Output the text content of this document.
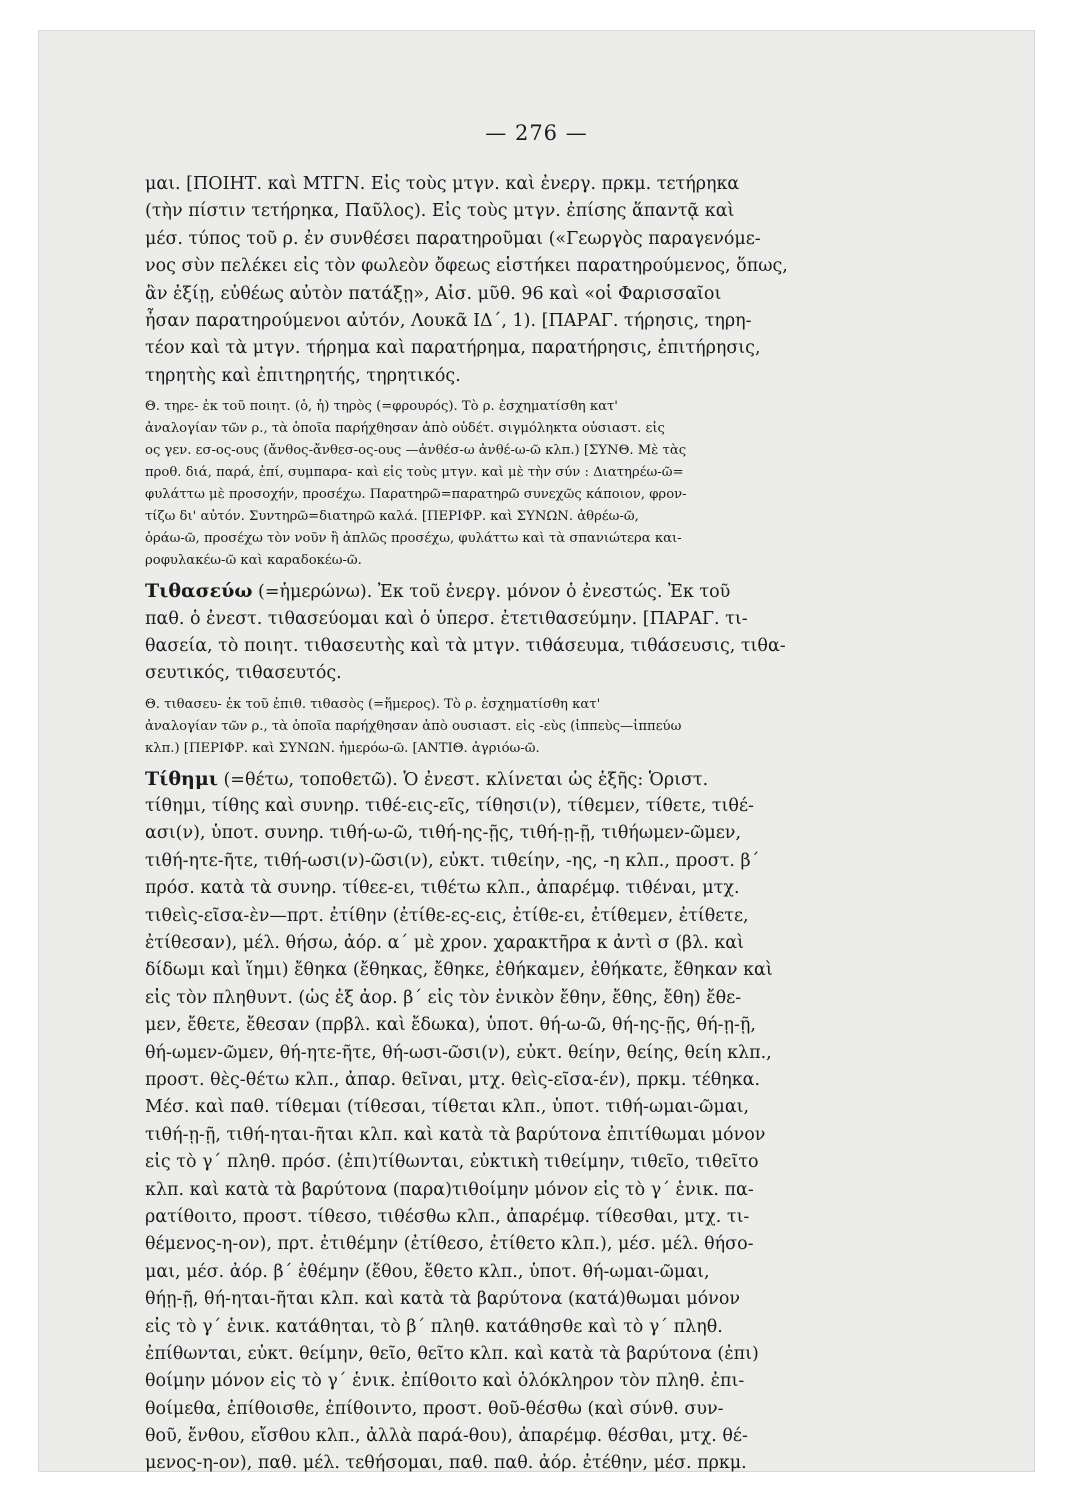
— 276 —
μαι. [ΠΟΙΗΤ. καὶ ΜΤΓΝ. Εἰς τοὺς μτγν. καὶ ἐνεργ. πρκμ. τετήρηκα
(τὴν πίστιν τετήρηκα, Παῦλος). Εἰς τοὺς μτγν. ἐπίσης ἅπαντᾷ καὶ
μέσ. τύπος τοῦ ρ. ἐν συνθέσει παρατηροῦμαι («Γεωργὸς παραγενόμε-
νος σὺν πελέκει εἰς τὸν φωλεὸν ὄφεως εἱστήκει παρατηρούμενος, ὅπως,
ἂν ἐξίῃ, εὐθέως αὐτὸν πατάξῃ», Αἰσ. μῦθ. 96 καὶ «οἱ Φαρισσαῖοι
ἦσαν παρατηρούμενοι αὐτόν, Λουκᾶ ΙΔ΄, 1). [ΠΑΡΑΓ. τήρησις, τηρη-
τέον καὶ τὰ μτγν. τήρημα καὶ παρατήρημα, παρατήρησις, ἐπιτήρησις,
τηρητὴς καὶ ἐπιτηρητής, τηρητικός.
Θ. τηρε- ἐκ τοῦ ποιητ. (ὁ, ἡ) τηρὸς (=φρουρός). Τὸ ρ. ἐσχηματίσθη κατ'
ἀναλογίαν τῶν ρ., τὰ ὁποῖα παρήχθησαν ἀπὸ οὐδέτ. σιγμόληκτα οὐσιαστ. εἰς
ος γεν. εσ-ος-ους (ἄνθος-ἄνθεσ-ος-ους —ἀνθέσ-ω ἀνθέ-ω-ῶ κλπ.) [ΣΥΝΘ. Μὲ τὰς
προθ. διά, παρά, ἐπί, συμπαρα- καὶ εἰς τοὺς μτγν. καὶ μὲ τὴν σύν : Διατηρέω-ῶ=
φυλάττω μὲ προσοχήν, προσέχω. Παρατηρῶ=παρατηρῶ συνεχῶς κάποιον, φρον-
τίζω δι' αὐτόν. Συντηρῶ=διατηρῶ καλά. [ΠΕΡΙΦΡ. καὶ ΣΥΝΩΝ. ἀθρέω-ῶ,
ὁράω-ῶ, προσέχω τὸν νοῦν ἢ ἁπλῶς προσέχω, φυλάττω καὶ τὰ σπανιώτερα και-
ροφυλακέω-ῶ καὶ καραδοκέω-ῶ.
Τιθασεύω (=ἡμερώνω). Ἐκ τοῦ ἐνεργ. μόνον ὁ ἐνεστώς. Ἐκ τοῦ
παθ. ὁ ἐνεστ. τιθασεύομαι καὶ ὁ ὑπερσ. ἐτετιθασεύμην. [ΠΑΡΑΓ. τι-
θασεία, τὸ ποιητ. τιθασευτὴς καὶ τὰ μτγν. τιθάσευμα, τιθάσευσις, τιθα-
σευτικός, τιθασευτός.
Θ. τιθασευ- ἐκ τοῦ ἐπιθ. τιθασὸς (=ἥμερος). Τὸ ρ. ἐσχηματίσθη κατ'
ἀναλογίαν τῶν ρ., τὰ ὁποῖα παρήχθησαν ἀπὸ ουσιαστ. εἰς -εὺς (ἱππεὺς—ἱππεύω
κλπ.) [ΠΕΡΙΦΡ. καὶ ΣΥΝΩΝ. ἡμερόω-ῶ. [ΑΝΤΙΘ. ἀγριόω-ῶ.
Τίθημι (=θέτω, τοποθετῶ). Ὁ ἐνεστ. κλίνεται ὡς ἑξῆς: Ὁριστ.
τίθημι, τίθης καὶ συνηρ. τιθέ-εις-εῖς, τίθησι(ν), τίθεμεν, τίθετε, τιθέ-
ασι(ν), ὑποτ. συνηρ. τιθή-ω-ῶ, τιθή-ης-ῇς, τιθή-ῃ-ῇ, τιθήωμεν-ῶμεν,
τιθή-ητε-ῆτε, τιθή-ωσι(ν)-ῶσι(ν), εὐκτ. τιθείην, -ης, -η κλπ., προστ. β΄
πρόσ. κατὰ τὰ συνηρ. τίθεε-ει, τιθέτω κλπ., ἀπαρέμφ. τιθέναι, μτχ.
τιθεὶς-εῖσα-ὲν—πρτ. ἐτίθην (ἐτίθε-ες-εις, ἐτίθε-ει, ἐτίθεμεν, ἐτίθετε,
ἐτίθεσαν), μέλ. θήσω, ἀόρ. α΄ μὲ χρον. χαρακτῆρα κ ἀντὶ σ (βλ. καὶ
δίδωμι καὶ ἵημι) ἔθηκα (ἔθηκας, ἔθηκε, ἐθήκαμεν, ἐθήκατε, ἔθηκαν καὶ
εἰς τὸν πληθυντ. (ὡς ἐξ ἀορ. β΄ εἰς τὸν ἑνικὸν ἔθην, ἔθης, ἔθη) ἔθε-
μεν, ἔθετε, ἔθεσαν (πρβλ. καὶ ἔδωκα), ὑποτ. θή-ω-ῶ, θή-ης-ῇς, θή-ῃ-ῇ,
θή-ωμεν-ῶμεν, θή-ητε-ῆτε, θή-ωσι-ῶσι(ν), εὐκτ. θείην, θείης, θείη κλπ.,
προστ. θὲς-θέτω κλπ., ἀπαρ. θεῖναι, μτχ. θεὶς-εῖσα-έν), πρκμ. τέθηκα.
Μέσ. καὶ παθ. τίθεμαι (τίθεσαι, τίθεται κλπ., ὑποτ. τιθή-ωμαι-ῶμαι,
τιθή-ῃ-ῇ, τιθή-ηται-ῆται κλπ. καὶ κατὰ τὰ βαρύτονα ἐπιτίθωμαι μόνον
εἰς τὸ γ΄ πληθ. πρόσ. (ἐπι)τίθωνται, εὐκτικὴ τιθείμην, τιθεῖο, τιθεῖτο
κλπ. καὶ κατὰ τὰ βαρύτονα (παρα)τιθοίμην μόνον εἰς τὸ γ΄ ἑνικ. πα-
ρατίθοιτο, προστ. τίθεσο, τιθέσθω κλπ., ἀπαρέμφ. τίθεσθαι, μτχ. τι-
θέμενος-η-ον), πρτ. ἐτιθέμην (ἐτίθεσο, ἐτίθετο κλπ.), μέσ. μέλ. θήσο-
μαι, μέσ. ἀόρ. β΄ ἐθέμην (ἔθου, ἔθετο κλπ., ὑποτ. θή-ωμαι-ῶμαι,
θήῃ-ῇ, θή-ηται-ῆται κλπ. καὶ κατὰ τὰ βαρύτονα (κατά)θωμαι μόνον
εἰς τὸ γ΄ ἑνικ. κατάθηται, τὸ β΄ πληθ. κατάθησθε καὶ τὸ γ΄ πληθ.
ἐπίθωνται, εὐκτ. θείμην, θεῖο, θεῖτο κλπ. καὶ κατὰ τὰ βαρύτονα (ἐπι)
θοίμην μόνον εἰς τὸ γ΄ ἑνικ. ἐπίθοιτο καὶ ὁλόκληρον τὸν πληθ. ἐπι-
θοίμεθα, ἐπίθοισθε, ἐπίθοιντο, προστ. θοῦ-θέσθω (καὶ σύνθ. συν-
θοῦ, ἔνθου, εἴσθου κλπ., ἀλλὰ παρά-θου), ἀπαρέμφ. θέσθαι, μτχ. θέ-
μενος-η-ον), παθ. μέλ. τεθήσομαι, παθ. παθ. ἀόρ. ἐτέθην, μέσ. πρκμ.
